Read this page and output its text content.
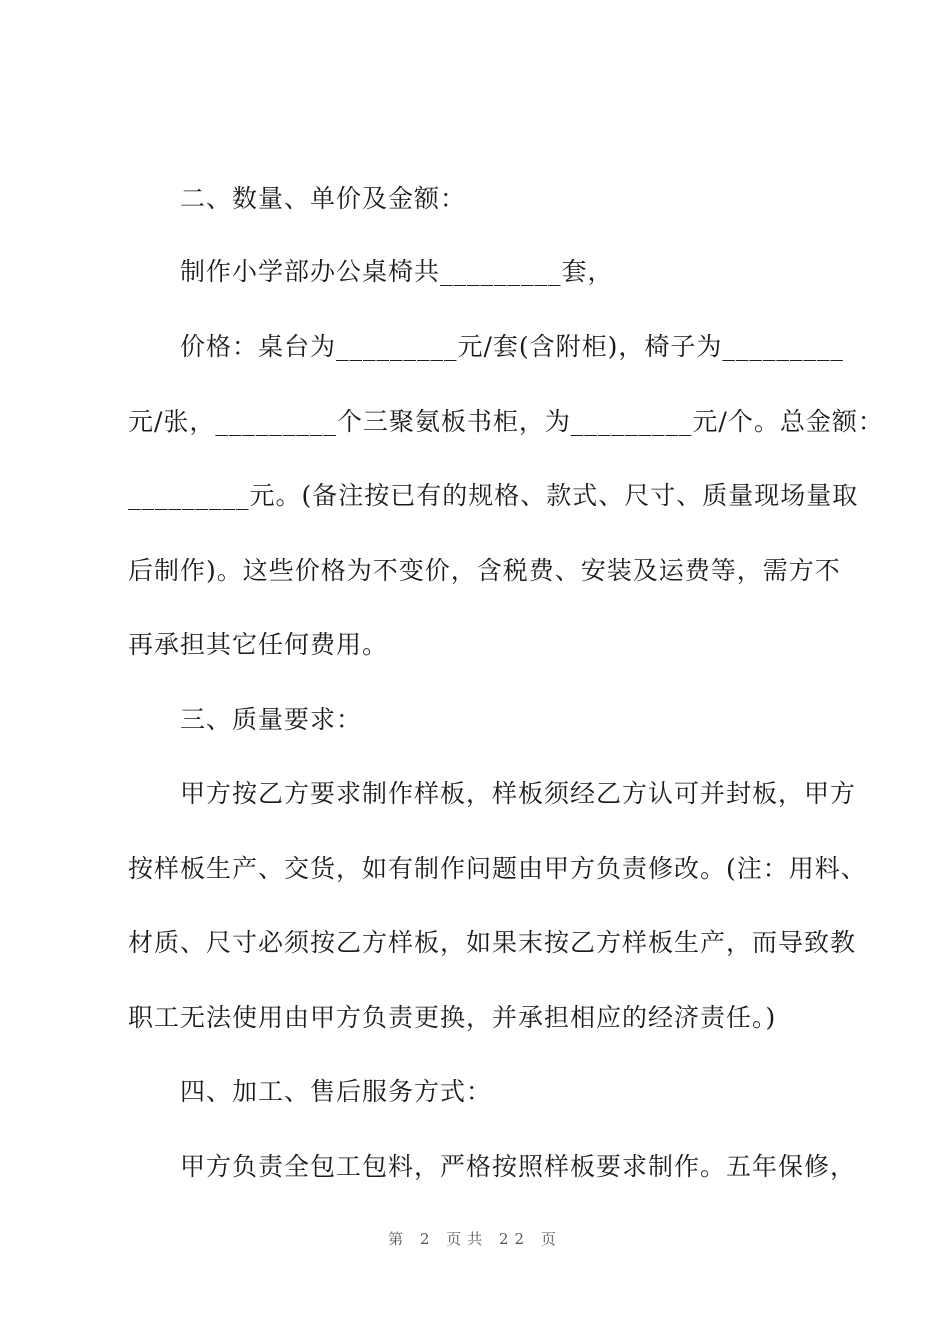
二、数量、单价及金额：
制作小学部办公桌椅共_________套，
价格：桌台为_________元/套(含附柜)，椅子为_________
元/张，_________个三聚氨板书柜，为_________元/个。总金额：
_________元。(备注按已有的规格、款式、尺寸、质量现场量取
后制作)。这些价格为不变价，含税费、安装及运费等，需方不
再承担其它任何费用。
三、质量要求：
甲方按乙方要求制作样板，样板须经乙方认可并封板，甲方
按样板生产、交货，如有制作问题由甲方负责修改。(注：用料、
材质、尺寸必须按乙方样板，如果末按乙方样板生产，而导致教
职工无法使用由甲方负责更换，并承担相应的经济责任。)
四、加工、售后服务方式：
甲方负责全包工包料，严格按照样板要求制作。五年保修，
第 2 页共 22 页
